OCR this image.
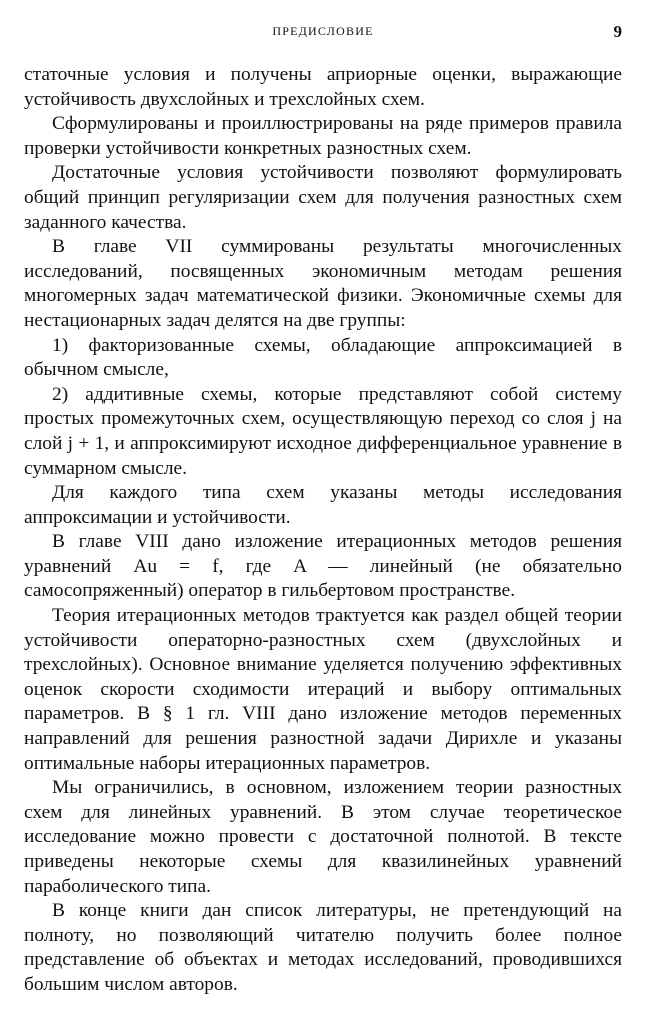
ПРЕДИСЛОВИЕ	9

статочные условия и получены априорные оценки, выражающие устойчивость двухслойных и трехслойных схем.

Сформулированы и проиллюстрированы на ряде примеров правила проверки устойчивости конкретных разностных схем.

Достаточные условия устойчивости позволяют формулировать общий принцип регуляризации схем для получения разностных схем заданного качества.

В главе VII суммированы результаты многочисленных исследований, посвященных экономичным методам решения многомерных задач математической физики. Экономичные схемы для нестационарных задач делятся на две группы:

1) факторизованные схемы, обладающие аппроксимацией в обычном смысле,

2) аддитивные схемы, которые представляют собой систему простых промежуточных схем, осуществляющую переход со слоя j на слой j + 1, и аппроксимируют исходное дифференциальное уравнение в суммарном смысле.

Для каждого типа схем указаны методы исследования аппроксимации и устойчивости.

В главе VIII дано изложение итерационных методов решения уравнений Au = f, где A — линейный (не обязательно самосопряженный) оператор в гильбертовом пространстве.

Теория итерационных методов трактуется как раздел общей теории устойчивости операторно-разностных схем (двухслойных и трехслойных). Основное внимание уделяется получению эффективных оценок скорости сходимости итераций и выбору оптимальных параметров. В § 1 гл. VIII дано изложение методов переменных направлений для решения разностной задачи Дирихле и указаны оптимальные наборы итерационных параметров.

Мы ограничились, в основном, изложением теории разностных схем для линейных уравнений. В этом случае теоретическое исследование можно провести с достаточной полнотой. В тексте приведены некоторые схемы для квазилинейных уравнений параболического типа.

В конце книги дан список литературы, не претендующий на полноту, но позволяющий читателю получить более полное представление об объектах и методах исследований, проводившихся большим числом авторов.
